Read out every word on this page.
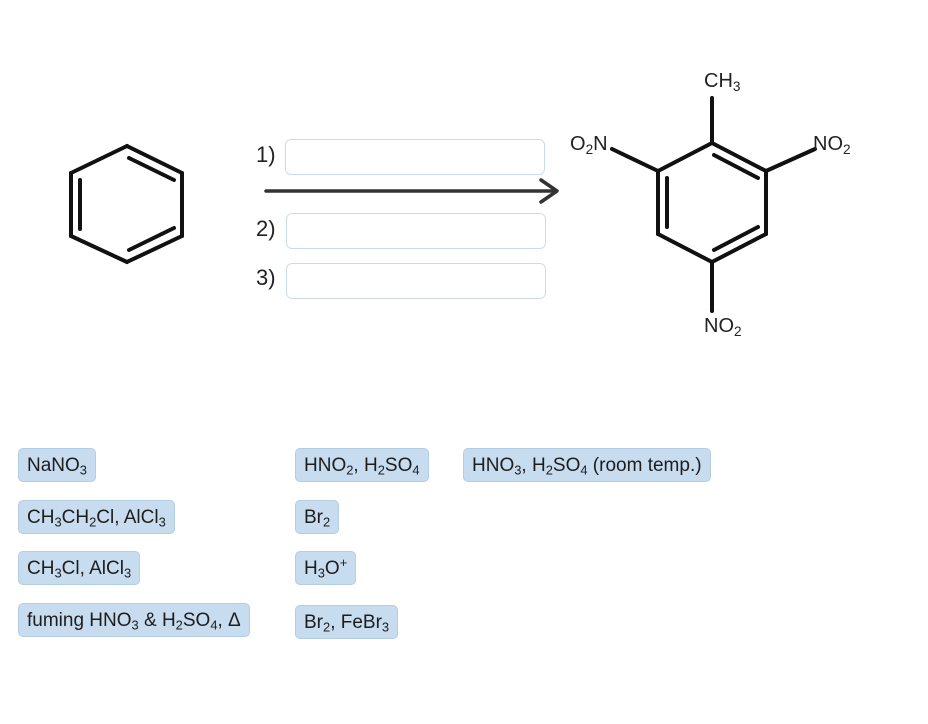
$CH_3$
$O_2N$	$NO_2$
$NO_2$
1)
2)
3)
NaNO$_3$	$HNO_2$, $H_2SO_4$	$HNO_3$, $H_2SO_4$ (room temp.)
$CH_3CH_2Cl$, AlCl$_3$	$Br_2$
$CH_3Cl$, AlCl$_3$	$H_3O^+$
fuming $HNO_3$ & $H_2SO_4$, Δ	$Br_2$, FeBr$_3$
